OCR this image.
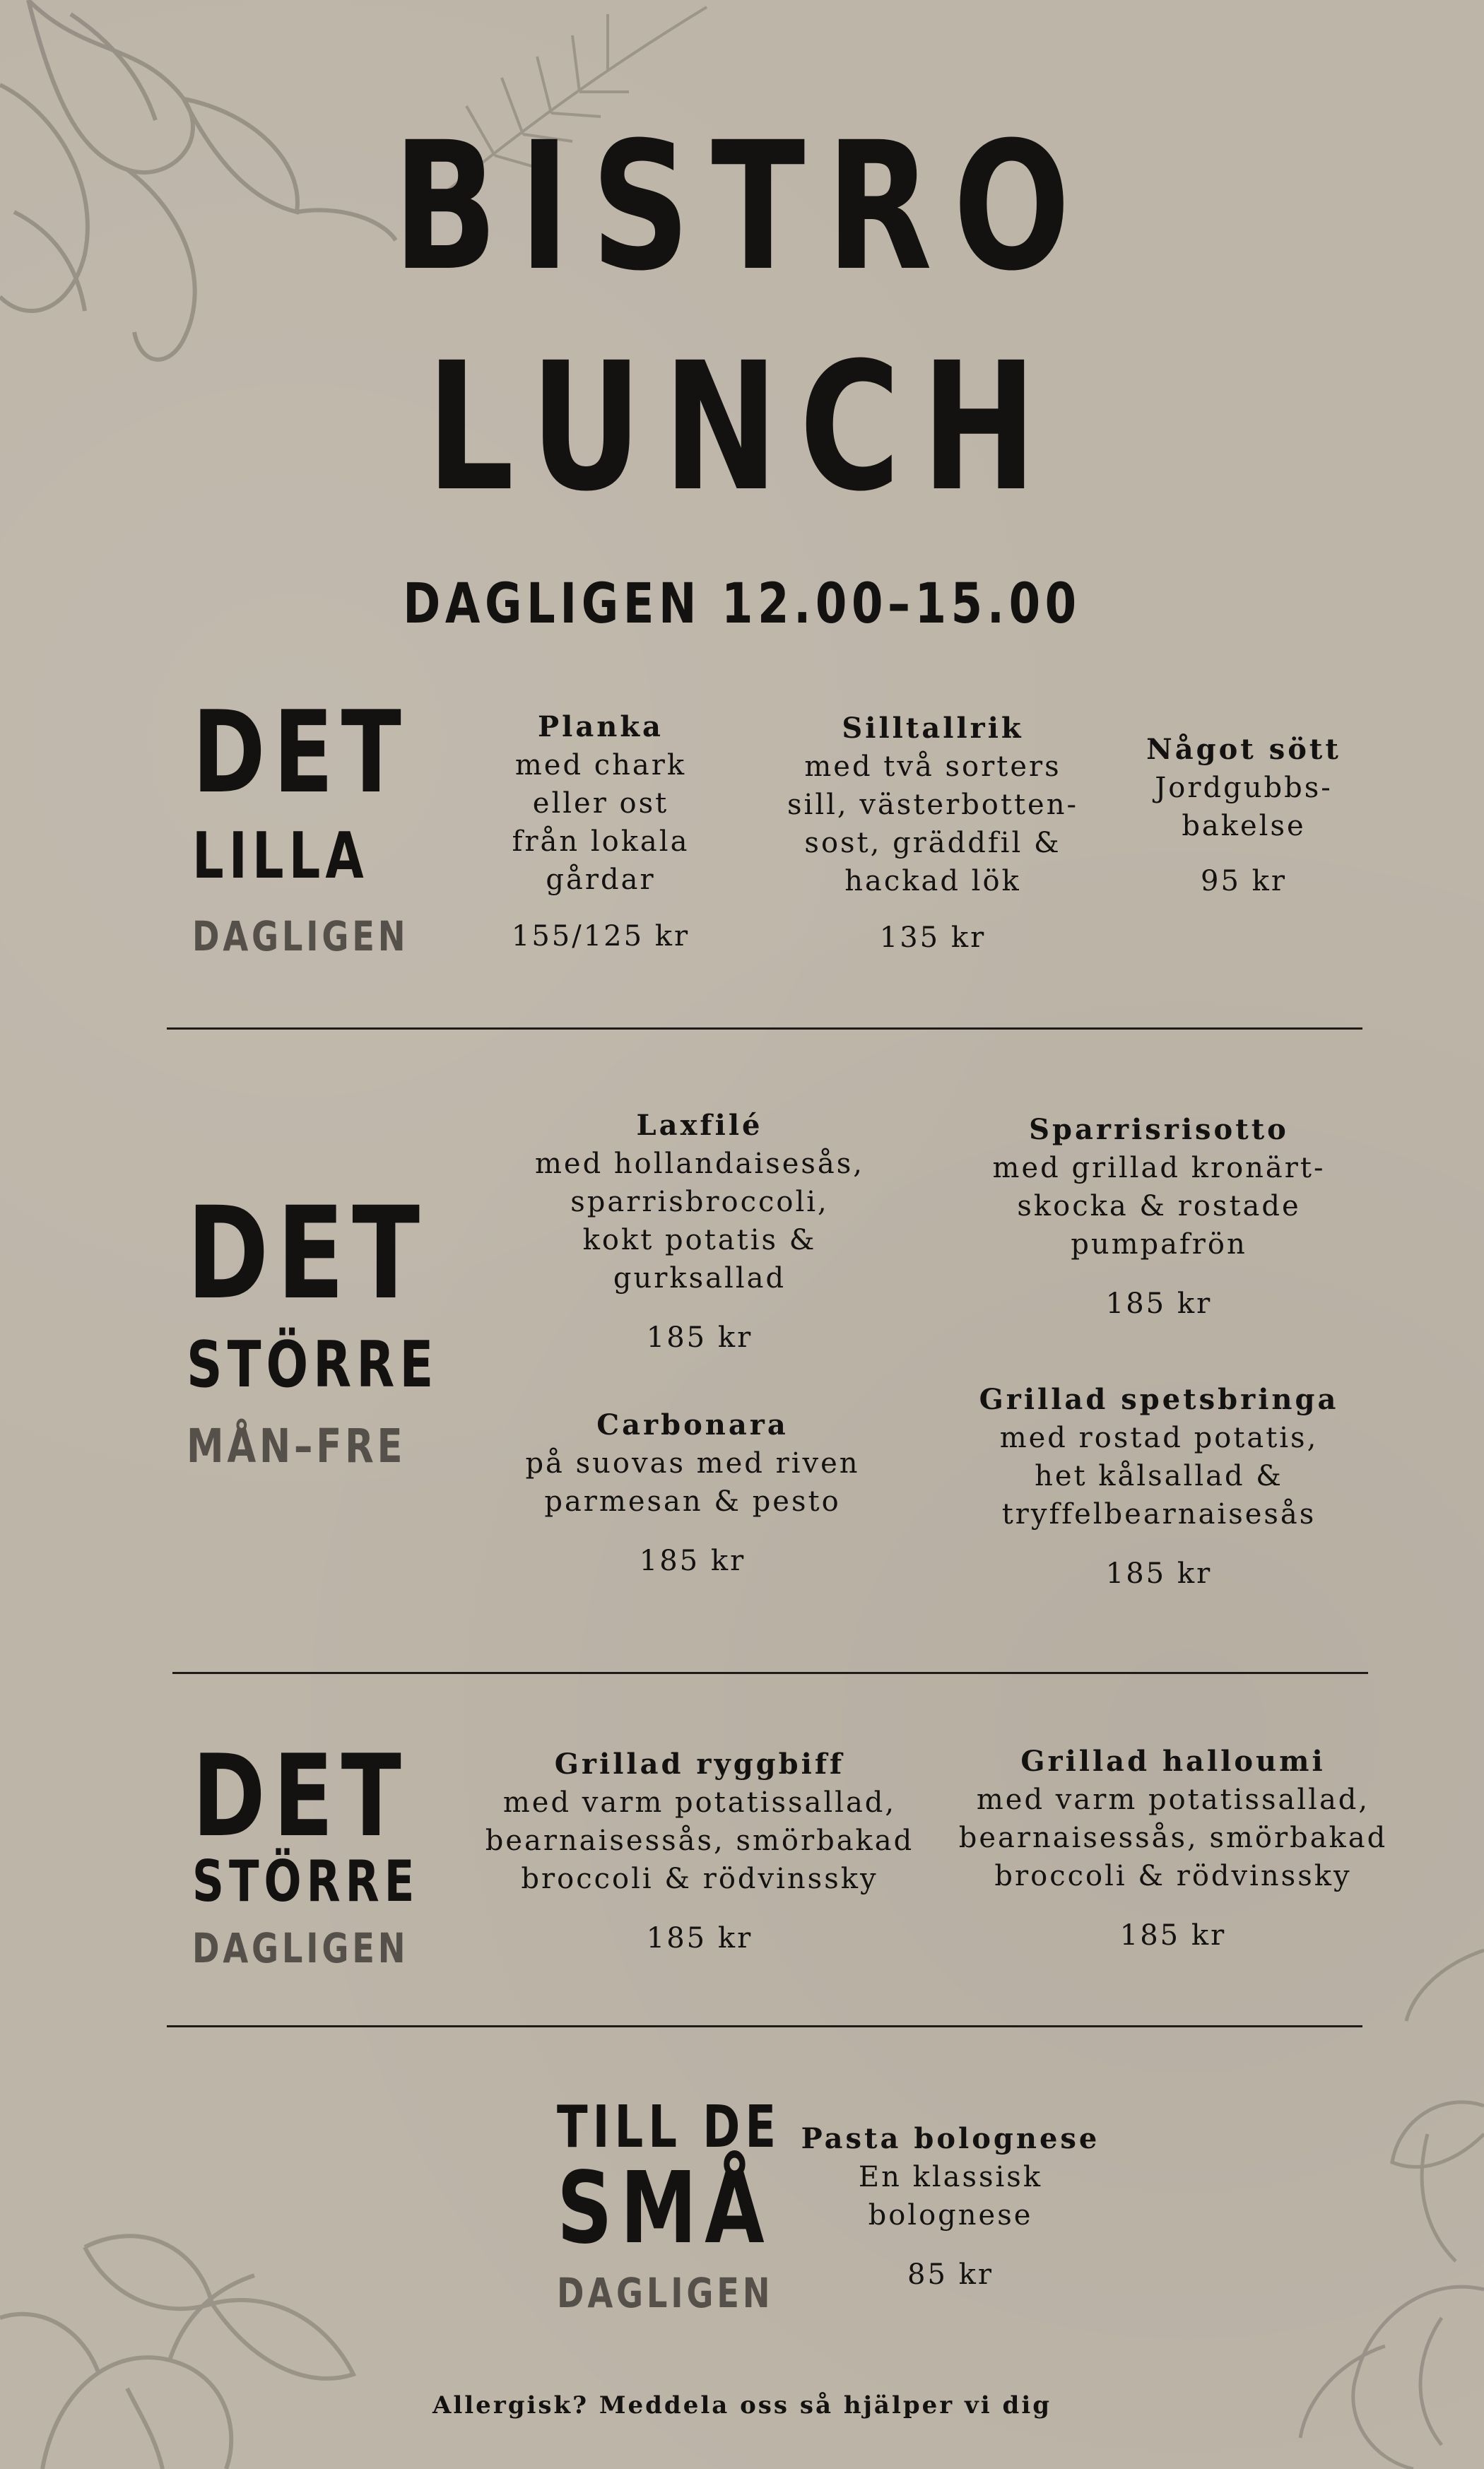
BISTRO
LUNCH
DAGLIGEN 12.00–15.00
DET
LILLA
DAGLIGEN
Planka
med chark
eller ost
från lokala
gårdar
155/125 kr
Silltallrik
med två sorters
sill, västerbotten-
sost, gräddfil &
hackad lök
135 kr
Något sött
Jordgubbs-
bakelse
95 kr
DET
STÖRRE
MÅN–FRE
Laxfilé
med hollandaisesås,
sparrisbroccoli,
kokt potatis &
gurksallad
185 kr
Sparrisrisotto
med grillad kronärt-
skocka & rostade
pumpafrön
185 kr
Carbonara
på suovas med riven
parmesan & pesto
185 kr
Grillad spetsbringa
med rostad potatis,
het kålsallad &
tryffelbearnaisesås
185 kr
DET
STÖRRE
DAGLIGEN
Grillad ryggbiff
med varm potatissallad,
bearnaisessås, smörbakad
broccoli & rödvinssky
185 kr
Grillad halloumi
med varm potatissallad,
bearnaisessås, smörbakad
broccoli & rödvinssky
185 kr
TILL DE
SMÅ
DAGLIGEN
Pasta bolognese
En klassisk
bolognese
85 kr
Allergisk? Meddela oss så hjälper vi dig
